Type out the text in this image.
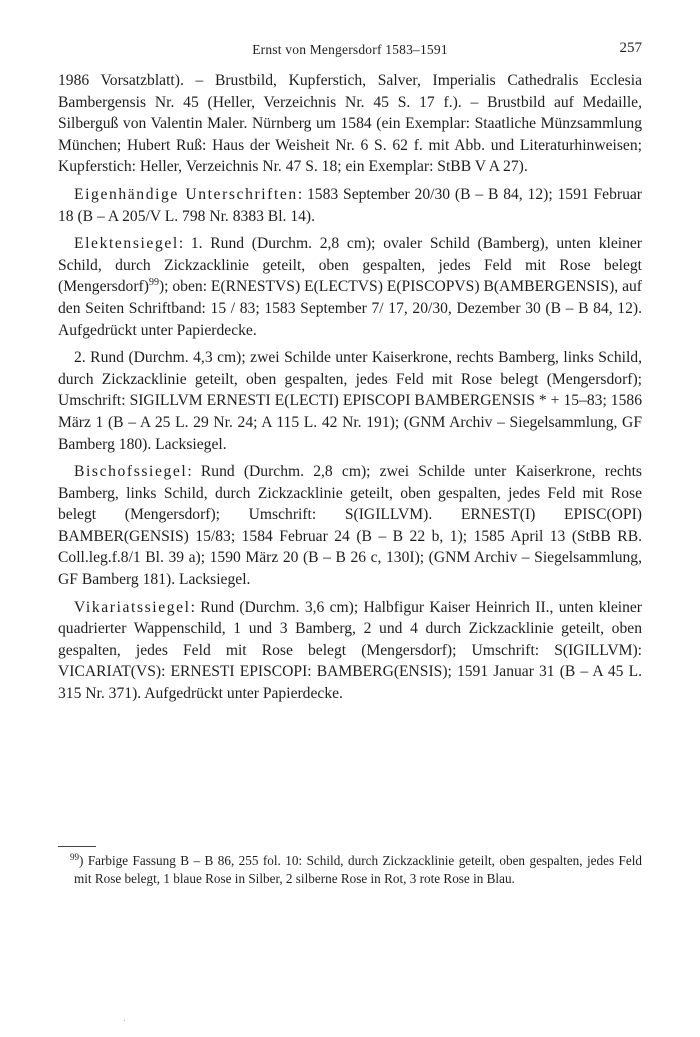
Ernst von Mengersdorf 1583–1591	257

1986 Vorsatzblatt). – Brustbild, Kupferstich, Salver, Imperialis Cathedralis Ecclesia Bambergensis Nr. 45 (Heller, Verzeichnis Nr. 45 S. 17 f.). – Brustbild auf Medaille, Silberguß von Valentin Maler. Nürnberg um 1584 (ein Exemplar: Staatliche Münzsammlung München; Hubert Ruß: Haus der Weisheit Nr. 6 S. 62 f. mit Abb. und Literaturhinweisen; Kupferstich: Heller, Verzeichnis Nr. 47 S. 18; ein Exemplar: StBB V A 27).

Eigenhändige Unterschriften: 1583 September 20/30 (B – B 84, 12); 1591 Februar 18 (B – A 205/V L. 798 Nr. 8383 Bl. 14).

Elektensiegel: 1. Rund (Durchm. 2,8 cm); ovaler Schild (Bamberg), unten kleiner Schild, durch Zickzacklinie geteilt, oben gespalten, jedes Feld mit Rose belegt (Mengersdorf)$^{99}$); oben: E(RNESTVS) E(LECTVS) E(PISCOPVS) B(AMBERGENSIS), auf den Seiten Schriftband: 15 / 83; 1583 September 7/ 17, 20/30, Dezember 30 (B – B 84, 12). Aufgedrückt unter Papierdecke.

2. Rund (Durchm. 4,3 cm); zwei Schilde unter Kaiserkrone, rechts Bamberg, links Schild, durch Zickzacklinie geteilt, oben gespalten, jedes Feld mit Rose belegt (Mengersdorf); Umschrift: SIGILLVM ERNESTI E(LECTI) EPISCOPI BAMBERGENSIS * + 15–83; 1586 März 1 (B – A 25 L. 29 Nr. 24; A 115 L. 42 Nr. 191); (GNM Archiv – Siegelsammlung, GF Bamberg 180). Lacksiegel.

Bischofssiegel: Rund (Durchm. 2,8 cm); zwei Schilde unter Kaiserkrone, rechts Bamberg, links Schild, durch Zickzacklinie geteilt, oben gespalten, jedes Feld mit Rose belegt (Mengersdorf); Umschrift: S(IGILLVM). ERNEST(I) EPISC(OPI) BAMBER(GENSIS) 15/83; 1584 Februar 24 (B – B 22 b, 1); 1585 April 13 (StBB RB. Coll.leg.f.8/1 Bl. 39 a); 1590 März 20 (B – B 26 c, 130I); (GNM Archiv – Siegelsammlung, GF Bamberg 181). Lacksiegel.

Vikariatssiegel: Rund (Durchm. 3,6 cm); Halbfigur Kaiser Heinrich II., unten kleiner quadrierter Wappenschild, 1 und 3 Bamberg, 2 und 4 durch Zickzacklinie geteilt, oben gespalten, jedes Feld mit Rose belegt (Mengersdorf); Umschrift: S(IGILLVM): VICARIAT(VS): ERNESTI EPISCOPI: BAMBERG(ENSIS); 1591 Januar 31 (B – A 45 L. 315 Nr. 371). Aufgedrückt unter Papierdecke.

$^{99}$) Farbige Fassung B – B 86, 255 fol. 10: Schild, durch Zickzacklinie geteilt, oben gespalten, jedes Feld mit Rose belegt, 1 blaue Rose in Silber, 2 silberne Rose in Rot, 3 rote Rose in Blau.
